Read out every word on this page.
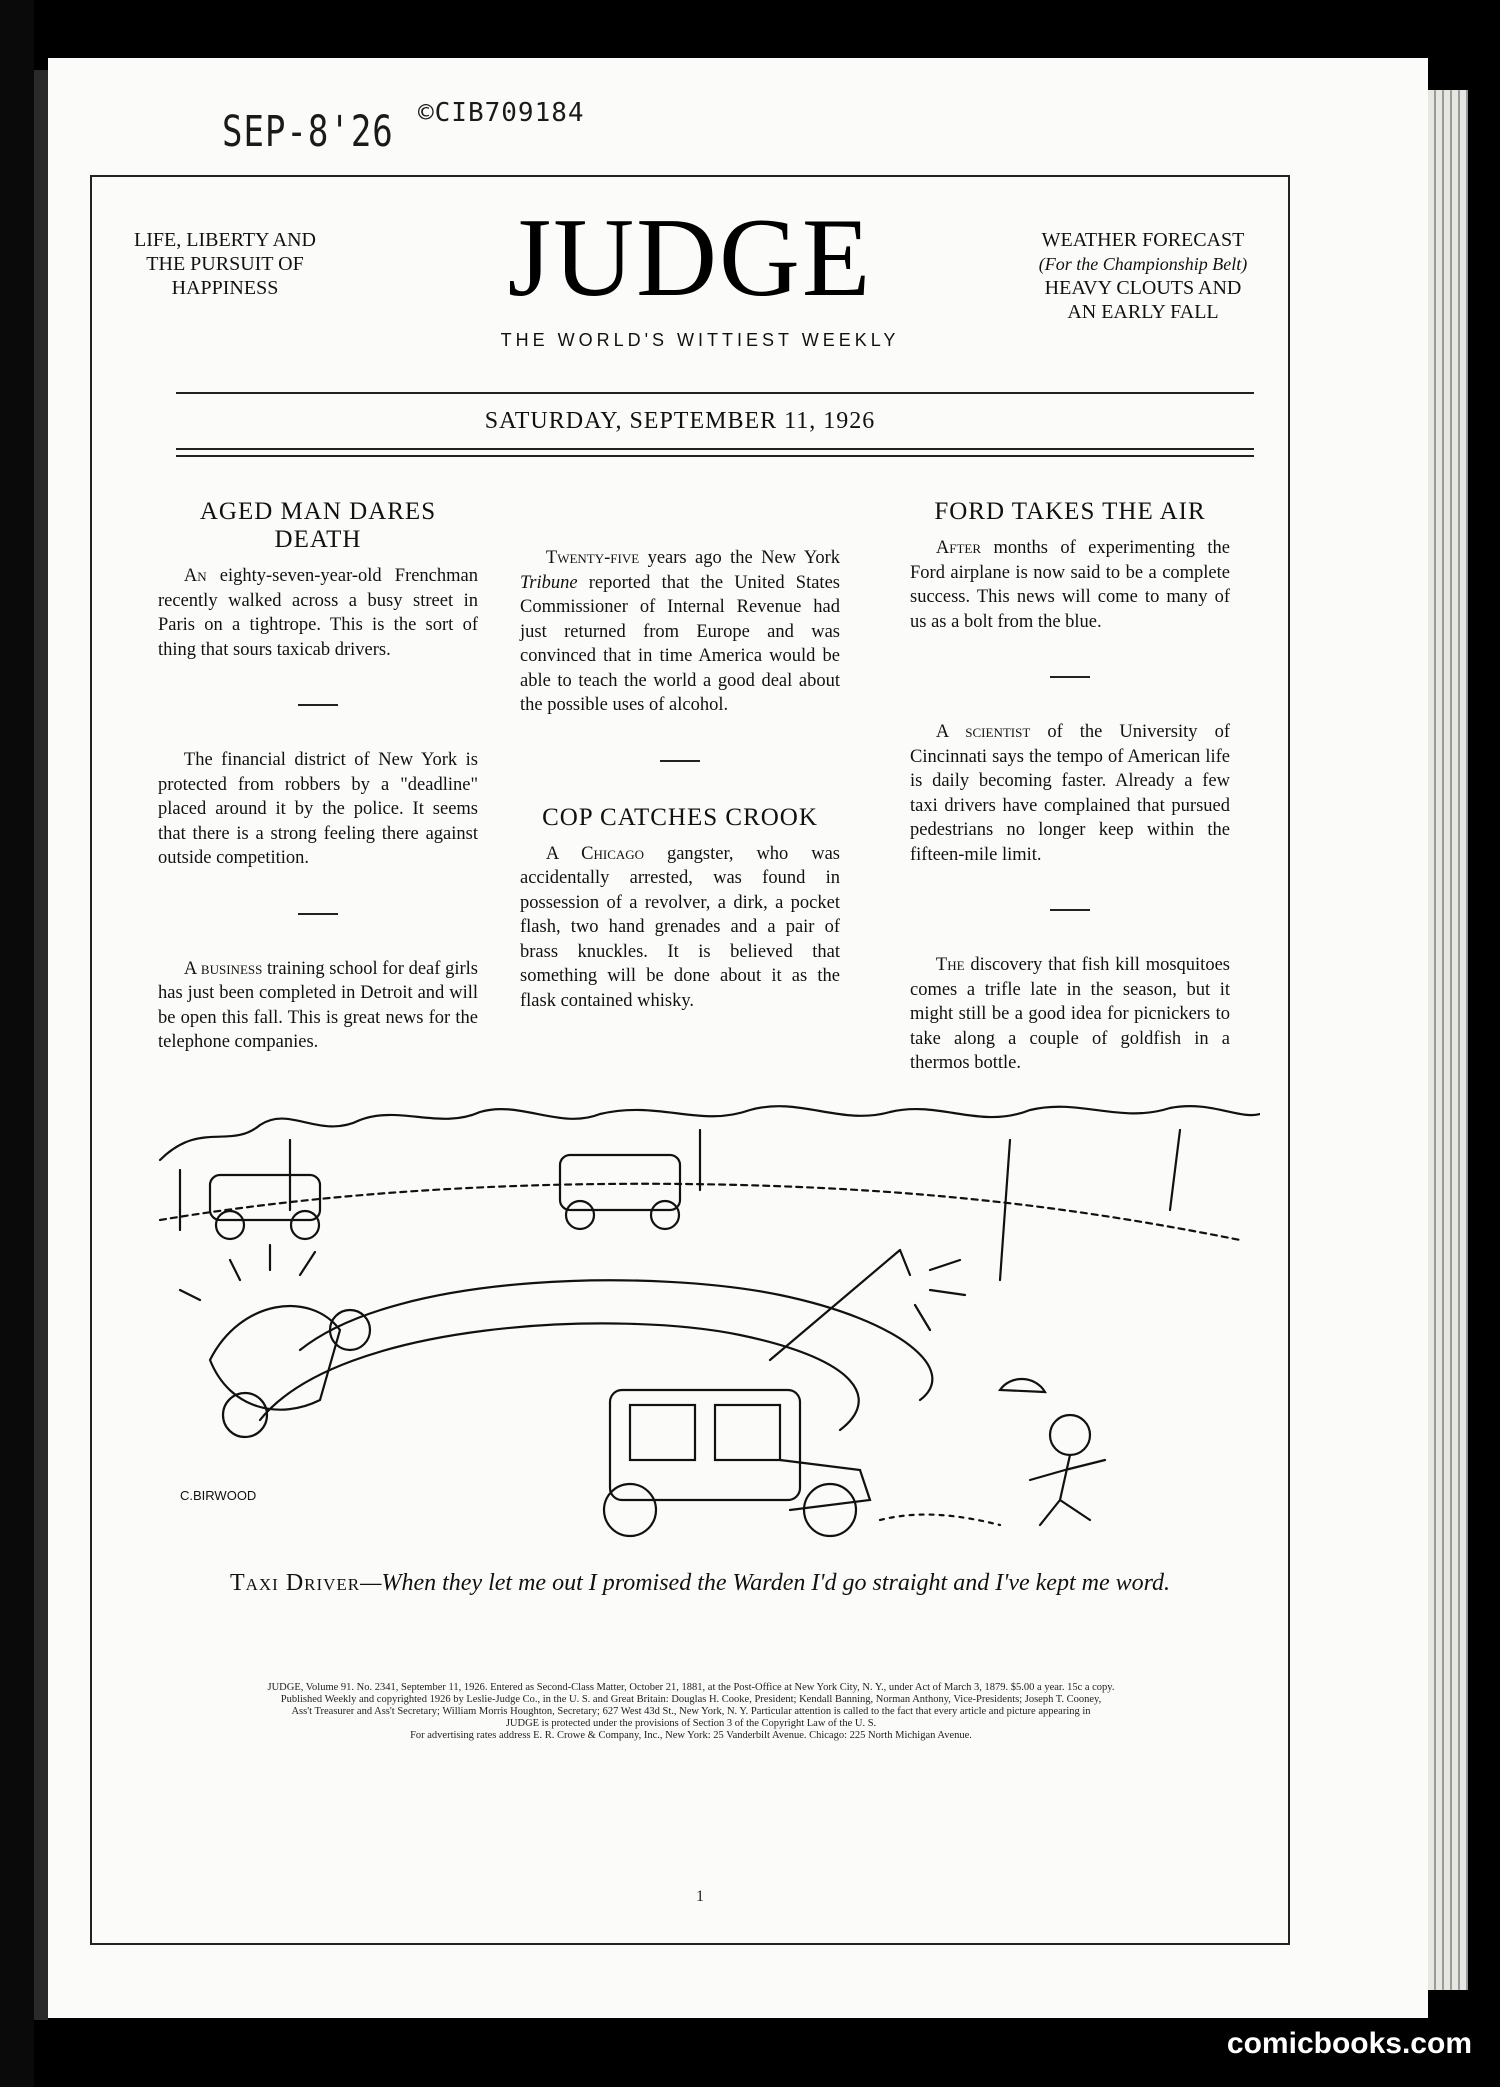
SEP-8'26 ©CIB709184
LIFE, LIBERTY AND
THE PURSUIT OF
HAPPINESS	JUDGE
THE WORLD'S WITTIEST WEEKLY
WEATHER FORECAST
(For the Championship Belt)
HEAVY CLOUTS AND
AN EARLY FALL
SATURDAY, SEPTEMBER 11, 1926
AGED MAN DARES DEATH

An eighty-seven-year-old Frenchman recently walked across a busy street in Paris on a tightrope. This is the sort of thing that sours taxicab drivers.

The financial district of New York is protected from robbers by a "deadline" placed around it by the police. It seems that there is a strong feeling there against outside competition.

A business training school for deaf girls has just been completed in Detroit and will be open this fall. This is great news for the telephone companies.

Twenty-five years ago the New York Tribune reported that the United States Commissioner of Internal Revenue had just returned from Europe and was convinced that in time America would be able to teach the world a good deal about the possible uses of alcohol.

COP CATCHES CROOK

A Chicago gangster, who was accidentally arrested, was found in possession of a revolver, a dirk, a pocket flash, two hand grenades and a pair of brass knuckles. It is believed that something will be done about it as the flask contained whisky.

FORD TAKES THE AIR

After months of experimenting the Ford airplane is now said to be a complete success. This news will come to many of us as a bolt from the blue.

A scientist of the University of Cincinnati says the tempo of American life is daily becoming faster. Already a few taxi drivers have complained that pursued pedestrians no longer keep within the fifteen-mile limit.

The discovery that fish kill mosquitoes comes a trifle late in the season, but it might still be a good idea for picnickers to take along a couple of goldfish in a thermos bottle.

C.BIRWOOD
Taxi Driver—When they let me out I promised the Warden I'd go straight and I've kept me word.
JUDGE, Volume 91. No. 2341, September 11, 1926. Entered as Second-Class Matter, October 21, 1881, at the Post-Office at New York City, N. Y., under Act of March 3, 1879. $5.00 a year. 15c a copy.
Published Weekly and copyrighted 1926 by Leslie-Judge Co., in the U. S. and Great Britain: Douglas H. Cooke, President; Kendall Banning, Norman Anthony, Vice-Presidents; Joseph T. Cooney,
Ass't Treasurer and Ass't Secretary; William Morris Houghton, Secretary; 627 West 43d St., New York, N. Y. Particular attention is called to the fact that every article and picture appearing in
JUDGE is protected under the provisions of Section 3 of the Copyright Law of the U. S.
For advertising rates address E. R. Crowe & Company, Inc., New York: 25 Vanderbilt Avenue. Chicago: 225 North Michigan Avenue.
1
comicbooks.com
